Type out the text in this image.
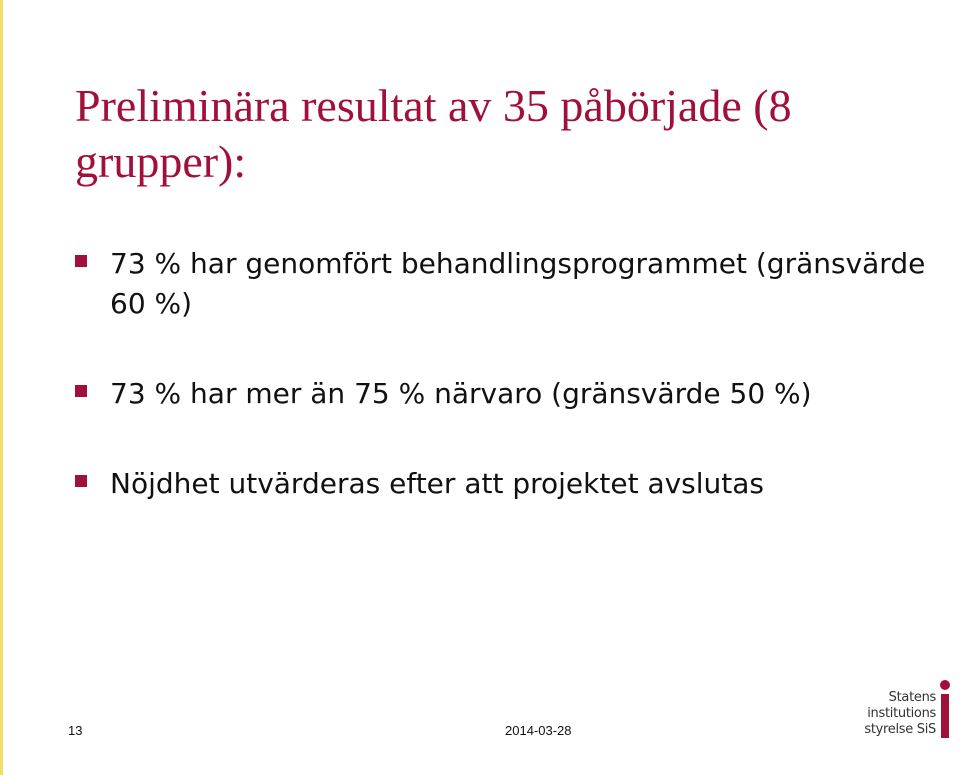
Preliminära resultat av 35 påbörjade (8 grupper):
73 % har genomfört behandlingsprogrammet (gränsvärde 60 %)
73 % har mer än 75 % närvaro (gränsvärde 50 %)
Nöjdhet utvärderas efter att projektet avslutas
13	2014-03-28
Statens
institutions
styrelse SiS
